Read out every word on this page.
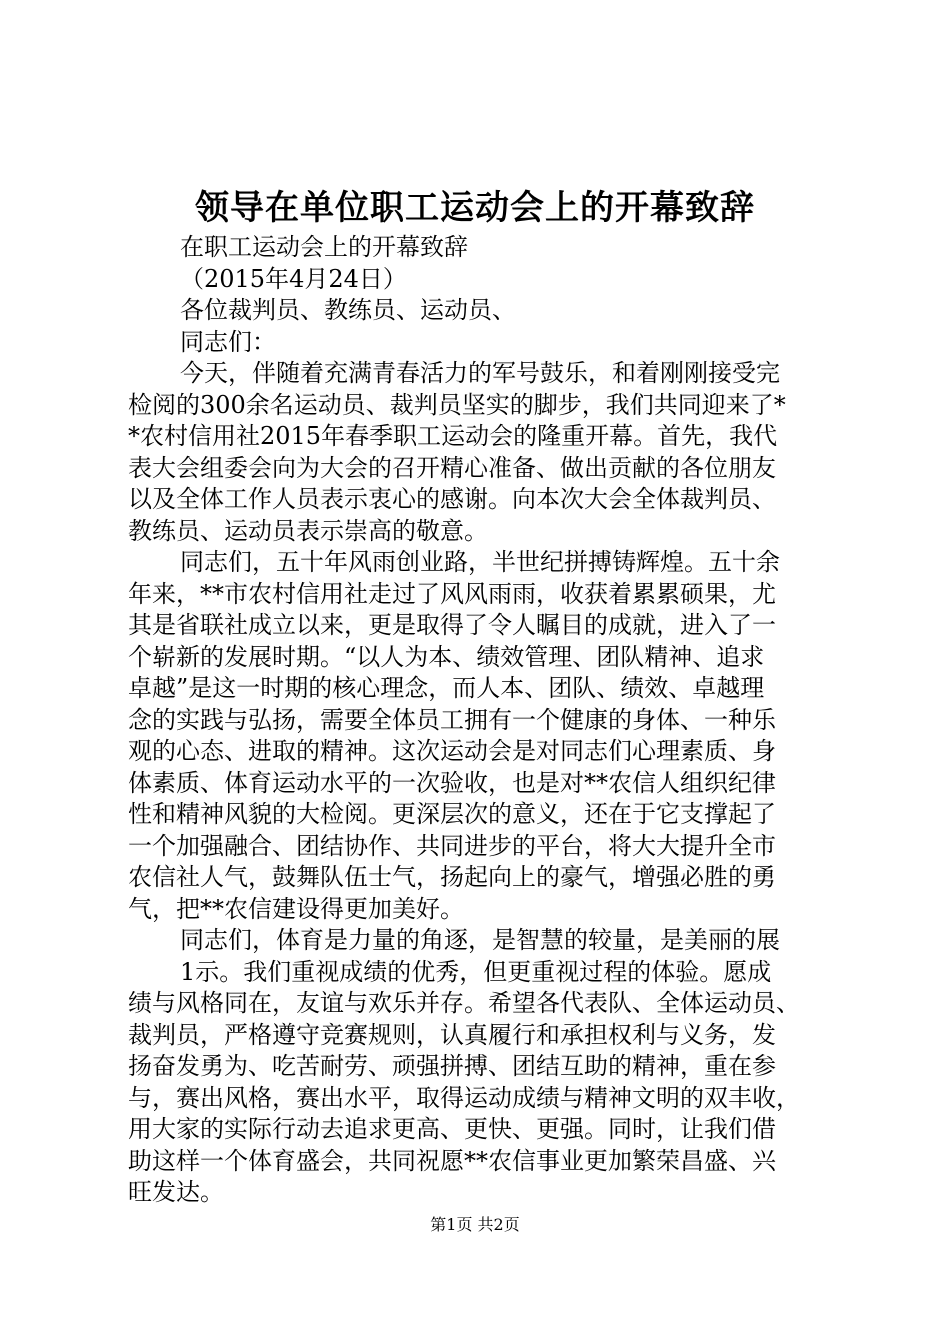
领导在单位职工运动会上的开幕致辞
在职工运动会上的开幕致辞
（2015年4月24日）
各位裁判员、教练员、运动员、
同志们：
今天，伴随着充满青春活力的军号鼓乐，和着刚刚接受完
检阅的300余名运动员、裁判员坚实的脚步，我们共同迎来了*
*农村信用社2015年春季职工运动会的隆重开幕。首先，我代
表大会组委会向为大会的召开精心准备、做出贡献的各位朋友
以及全体工作人员表示衷心的感谢。向本次大会全体裁判员、
教练员、运动员表示崇高的敬意。
同志们，五十年风雨创业路，半世纪拼搏铸辉煌。五十余
年来，**市农村信用社走过了风风雨雨，收获着累累硕果，尤
其是省联社成立以来，更是取得了令人瞩目的成就，进入了一
个崭新的发展时期。“以人为本、绩效管理、团队精神、追求
卓越”是这一时期的核心理念，而人本、团队、绩效、卓越理
念的实践与弘扬，需要全体员工拥有一个健康的身体、一种乐
观的心态、进取的精神。这次运动会是对同志们心理素质、身
体素质、体育运动水平的一次验收，也是对**农信人组织纪律
性和精神风貌的大检阅。更深层次的意义，还在于它支撑起了
一个加强融合、团结协作、共同进步的平台，将大大提升全市
农信社人气，鼓舞队伍士气，扬起向上的豪气，增强必胜的勇
气，把**农信建设得更加美好。
同志们，体育是力量的角逐，是智慧的较量，是美丽的展
1示。我们重视成绩的优秀，但更重视过程的体验。愿成
绩与风格同在，友谊与欢乐并存。希望各代表队、全体运动员、
裁判员，严格遵守竞赛规则，认真履行和承担权利与义务，发
扬奋发勇为、吃苦耐劳、顽强拼搏、团结互助的精神，重在参
与，赛出风格，赛出水平，取得运动成绩与精神文明的双丰收，
用大家的实际行动去追求更高、更快、更强。同时，让我们借
助这样一个体育盛会，共同祝愿**农信事业更加繁荣昌盛、兴
旺发达。
第1页 共2页
